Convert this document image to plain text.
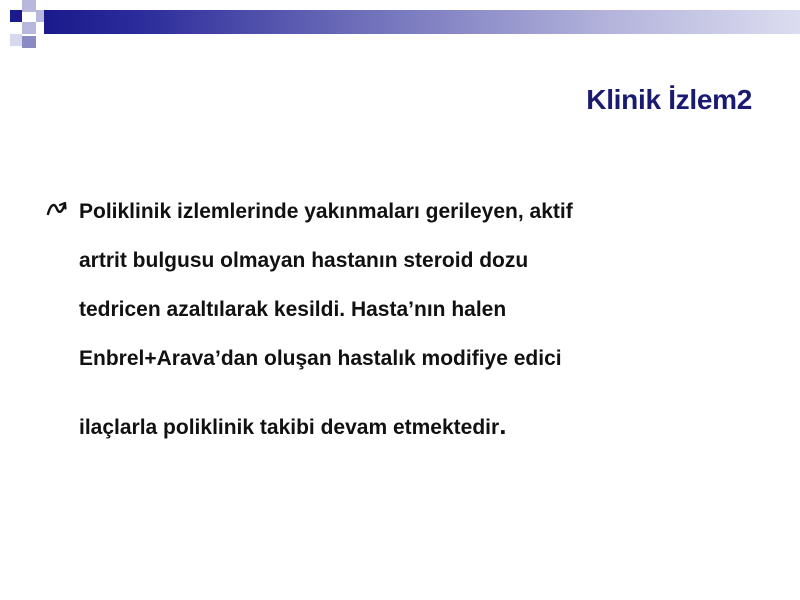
Klinik İzlem2
Poliklinik izlemlerinde yakınmaları gerileyen, aktif
artrit bulgusu olmayan hastanın steroid dozu
tedricen azaltılarak kesildi. Hasta’nın halen
Enbrel+Arava’dan oluşan hastalık modifiye edici
ilaçlarla poliklinik takibi devam etmektedir.
